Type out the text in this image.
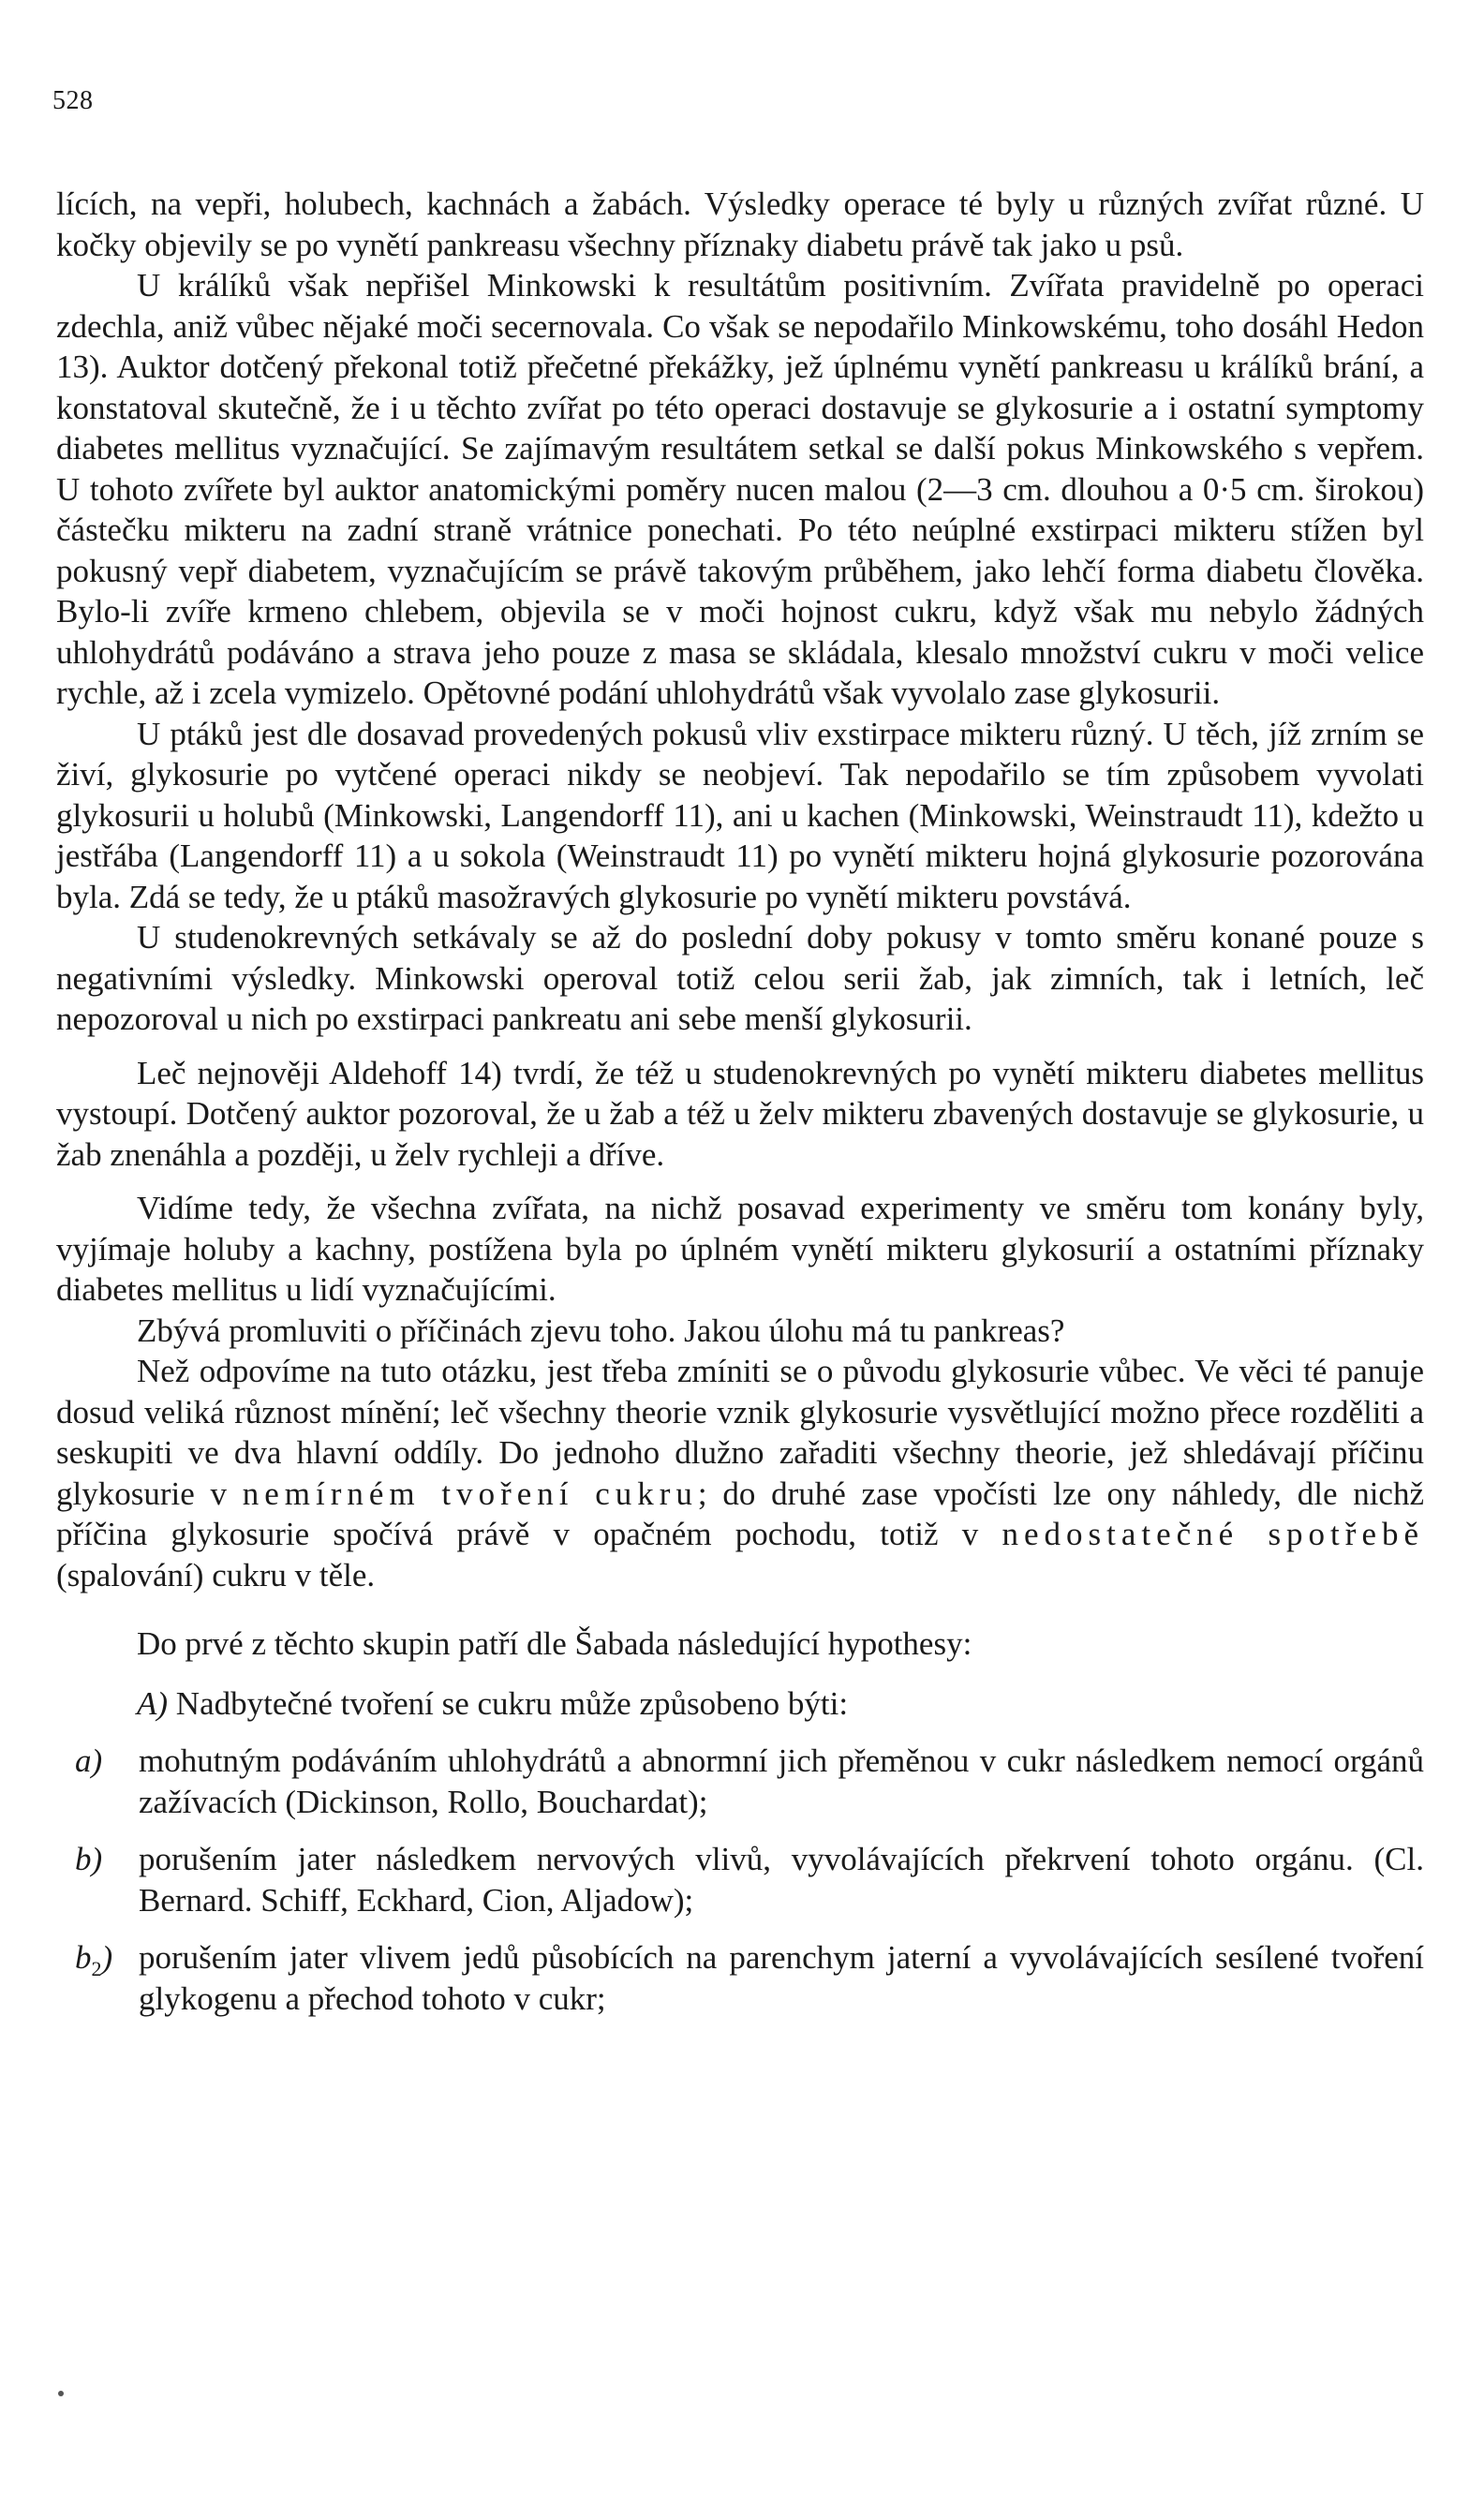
528

lících, na vepři, holubech, kachnách a žabách. Výsledky operace té byly u různých zvířat různé. U kočky objevily se po vynětí pankreasu všechny příznaky diabetu právě tak jako u psů.

U králíků však nepřišel Minkowski k resultátům positivním. Zvířata pravidelně po operaci zdechla, aniž vůbec nějaké moči secernovala. Co však se nepodařilo Minkowskému, toho dosáhl Hedon 13). Auktor dotčený překonal totiž přečetné překážky, jež úplnému vynětí pankreasu u králíků brání, a konstatoval skutečně, že i u těchto zvířat po této operaci dostavuje se glykosurie a i ostatní symptomy diabetes mellitus vyznačující. Se zajímavým resultátem setkal se další pokus Minkowského s vepřem. U tohoto zvířete byl auktor anatomickými poměry nucen malou (2—3 cm. dlouhou a 0·5 cm. širokou) částečku mikteru na zadní straně vrátnice ponechati. Po této neúplné exstirpaci mikteru stížen byl pokusný vepř diabetem, vyznačujícím se právě takovým průběhem, jako lehčí forma diabetu člověka. Bylo-li zvíře krmeno chlebem, objevila se v moči hojnost cukru, když však mu nebylo žádných uhlohydrátů podáváno a strava jeho pouze z masa se skládala, klesalo množství cukru v moči velice rychle, až i zcela vymizelo. Opětovné podání uhlohydrátů však vyvolalo zase glykosurii.

U ptáků jest dle dosavad provedených pokusů vliv exstirpace mikteru různý. U těch, jíž zrním se živí, glykosurie po vytčené operaci nikdy se neobjeví. Tak nepodařilo se tím způsobem vyvolati glykosurii u holubů (Minkowski, Langendorff 11), ani u kachen (Minkowski, Weinstraudt 11), kdežto u jestřába (Langendorff 11) a u sokola (Weinstraudt 11) po vynětí mikteru hojná glykosurie pozorována byla. Zdá se tedy, že u ptáků masožravých glykosurie po vynětí mikteru povstává.

U studenokrevných setkávaly se až do poslední doby pokusy v tomto směru konané pouze s negativními výsledky. Minkowski operoval totiž celou serii žab, jak zimních, tak i letních, leč nepozoroval u nich po exstirpaci pankreatu ani sebe menší glykosurii.

Leč nejnověji Aldehoff 14) tvrdí, že též u studenokrevných po vynětí mikteru diabetes mellitus vystoupí. Dotčený auktor pozoroval, že u žab a též u želv mikteru zbavených dostavuje se glykosurie, u žab znenáhla a později, u želv rychleji a dříve.

Vidíme tedy, že všechna zvířata, na nichž posavad experimenty ve směru tom konány byly, vyjímaje holuby a kachny, postížena byla po úplném vynětí mikteru glykosurií a ostatními příznaky diabetes mellitus u lidí vyznačujícími.

Zbývá promluviti o příčinách zjevu toho. Jakou úlohu má tu pankreas?

Než odpovíme na tuto otázku, jest třeba zmíniti se o původu glykosurie vůbec. Ve věci té panuje dosud veliká různost mínění; leč všechny theorie vznik glykosurie vysvětlující možno přece rozděliti a seskupiti ve dva hlavní oddíly. Do jednoho dlužno zařaditi všechny theorie, jež shledávají příčinu glykosurie v nemírném tvoření cukru; do druhé zase vpočísti lze ony náhledy, dle nichž příčina glykosurie spočívá právě v opačném pochodu, totiž v nedostatečné spotřebě (spalování) cukru v těle.

Do prvé z těchto skupin patří dle Šabada následující hypothesy:

A) Nadbytečné tvoření se cukru může způsobeno býti:

a)	mohutným podáváním uhlohydrátů a abnormní jich přeměnou v cukr následkem nemocí orgánů zažívacích (Dickinson, Rollo, Bouchardat);
b)	porušením jater následkem nervových vlivů, vyvolávajících překrvení tohoto orgánu. (Cl. Bernard. Schiff, Eckhard, Cion, Aljadow);
$b_2$) porušením jater vlivem jedů působících na parenchym jaterní a vyvolávajících sesílené tvoření glykogenu a přechod tohoto v cukr;
